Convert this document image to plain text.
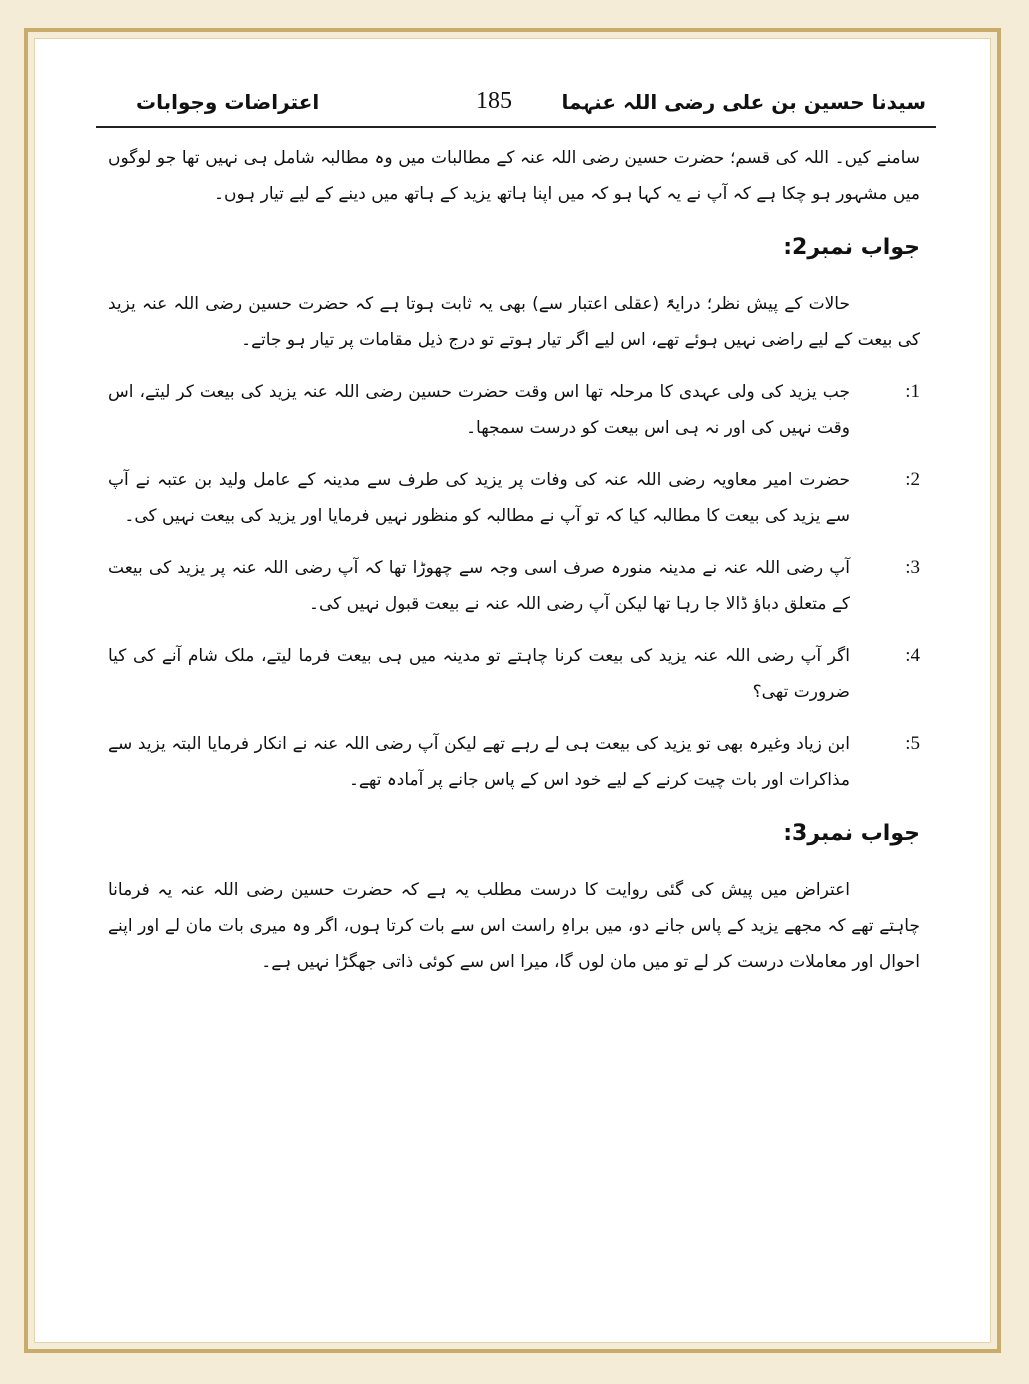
اعتراضات وجوابات	185 سیدنا حسین بن علی رضی اللہ عنہما

سامنے کیں۔ اللہ کی قسم؛ حضرت حسین رضی اللہ عنہ کے مطالبات میں وہ مطالبہ شامل ہی نہیں تھا جو لوگوں میں مشہور ہو چکا ہے کہ آپ نے یہ کہا ہو کہ میں اپنا ہاتھ یزید کے ہاتھ میں دینے کے لیے تیار ہوں۔

جواب نمبر2:

حالات کے پیش نظر؛ درایۃً (عقلی اعتبار سے) بھی یہ ثابت ہوتا ہے کہ حضرت حسین رضی اللہ عنہ یزید کی بیعت کے لیے راضی نہیں ہوئے تھے، اس لیے اگر تیار ہوتے تو درج ذیل مقامات پر تیار ہو جاتے۔

1:
جب یزید کی ولی عہدی کا مرحلہ تھا اس وقت حضرت حسین رضی اللہ عنہ یزید کی بیعت کر لیتے، اس وقت نہیں کی اور نہ ہی اس بیعت کو درست سمجھا۔
2:
حضرت امیر معاویہ رضی اللہ عنہ کی وفات پر یزید کی طرف سے مدینہ کے عامل ولید بن عتبہ نے آپ سے یزید کی بیعت کا مطالبہ کیا کہ تو آپ نے مطالبہ کو منظور نہیں فرمایا اور یزید کی بیعت نہیں کی۔
3:
آپ رضی اللہ عنہ نے مدینہ منورہ صرف اسی وجہ سے چھوڑا تھا کہ آپ رضی اللہ عنہ پر یزید کی بیعت کے متعلق دباؤ ڈالا جا رہا تھا لیکن آپ رضی اللہ عنہ نے بیعت قبول نہیں کی۔
4:
اگر آپ رضی اللہ عنہ یزید کی بیعت کرنا چاہتے تو مدینہ میں ہی بیعت فرما لیتے، ملک شام آنے کی کیا ضرورت تھی؟
5:
ابن زیاد وغیرہ بھی تو یزید کی بیعت ہی لے رہے تھے لیکن آپ رضی اللہ عنہ نے انکار فرمایا البتہ یزید سے مذاکرات اور بات چیت کرنے کے لیے خود اس کے پاس جانے پر آمادہ تھے۔
جواب نمبر3:

اعتراض میں پیش کی گئی روایت کا درست مطلب یہ ہے کہ حضرت حسین رضی اللہ عنہ یہ فرمانا چاہتے تھے کہ مجھے یزید کے پاس جانے دو، میں براہِ راست اس سے بات کرتا ہوں، اگر وہ میری بات مان لے اور اپنے احوال اور معاملات درست کر لے تو میں مان لوں گا، میرا اس سے کوئی ذاتی جھگڑا نہیں ہے۔
